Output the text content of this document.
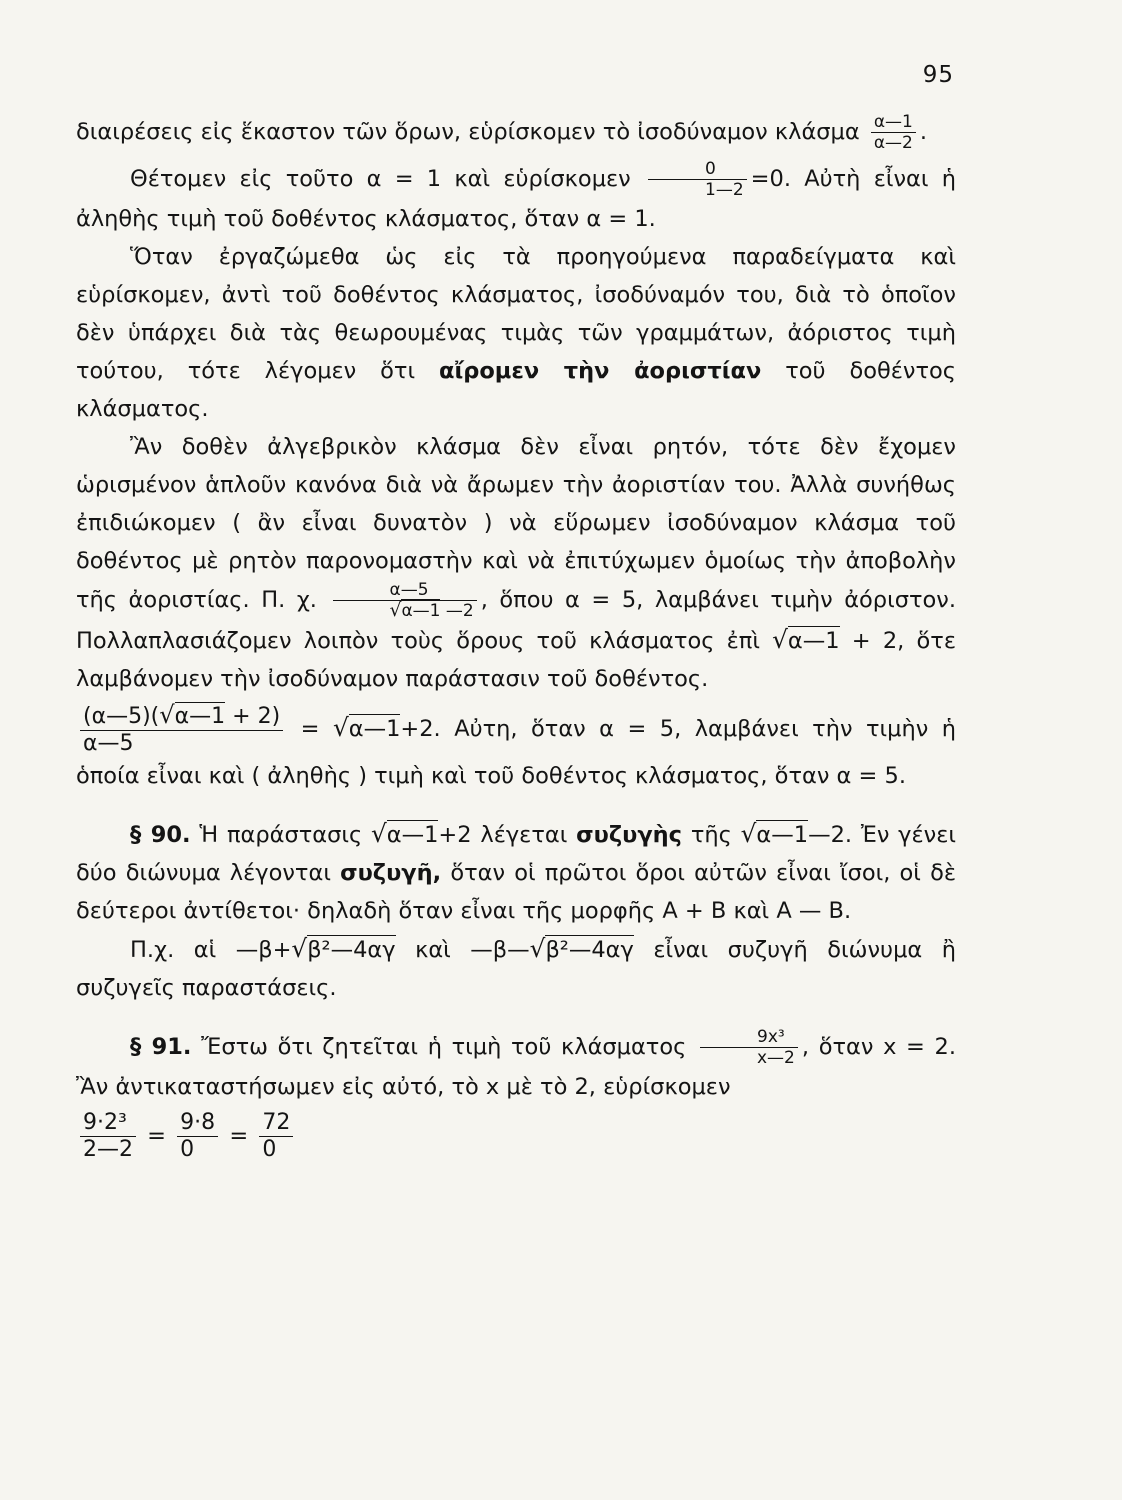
95

διαιρέσεις εἰς ἕκαστον τῶν ὅρων, εὑρίσκομεν τὸ ἰσοδύναμον κλάσμα $\frac{\alpha—1}{\alpha—2}$ .

Θέτομεν εἰς τοῦτο α = 1 καὶ εὑρίσκομεν $\frac{0}{1—2} =0$. Αὐτὴ εἶναι ἡ ἀληθὴς τιμὴ τοῦ δοθέντος κλάσματος, ὅταν α = 1.

Ὅταν ἐργαζώμεθα ὡς εἰς τὰ προηγούμενα παραδείγματα καὶ εὑρίσκομεν, ἀντὶ τοῦ δοθέντος κλάσματος, ἰσοδύναμόν του, διὰ τὸ ὁποῖον δὲν ὑπάρχει διὰ τὰς θεωρουμένας τιμὰς τῶν γραμμάτων, ἀόριστος τιμὴ τούτου, τότε λέγομεν ὅτι αἴρομεν τὴν ἀοριστίαν τοῦ δοθέντος κλάσματος.

Ἂν δοθὲν ἀλγεβρικὸν κλάσμα δὲν εἶναι ρητόν, τότε δὲν ἔχομεν ὡρισμένον ἁπλοῦν κανόνα διὰ νὰ ἄρωμεν τὴν ἀοριστίαν του. Ἀλλὰ συνήθως ἐπιδιώκομεν ( ἂν εἶναι δυνατὸν ) νὰ εὕρωμεν ἰσοδύναμον κλάσμα τοῦ δοθέντος μὲ ρητὸν παρονομαστὴν καὶ νὰ ἐπιτύχωμεν ὁμοίως τὴν ἀποβολὴν τῆς ἀοριστίας. Π. χ. $\frac{\alpha—5}{√\alpha—1 —2}$ , ὅπου α = 5, λαμβάνει τιμὴν ἀόριστον. Πολλαπλασιάζομεν λοιπὸν τοὺς ὅρους τοῦ κλάσματος ἐπὶ √α—1 + 2, ὅτε λαμβάνομεν τὴν ἰσοδύναμον παράστασιν τοῦ δοθέντος.

$\frac{(\alpha—5)(√\alpha—1 + 2)}{\alpha—5}$ = √α—1+2. Αὐτη, ὅταν α = 5, λαμβάνει τὴν τιμὴν ἡ ὁποία εἶναι καὶ ( ἀληθὴς ) τιμὴ καὶ τοῦ δοθέντος κλάσματος, ὅταν α = 5.

§ 90. Ἡ παράστασις √α—1+2 λέγεται συζυγὴς τῆς √α—1—2. Ἐν γένει δύο διώνυμα λέγονται συζυγῆ, ὅταν οἱ πρῶτοι ὅροι αὐτῶν εἶναι ἴσοι, οἱ δὲ δεύτεροι ἀντίθετοι· δηλαδὴ ὅταν εἶναι τῆς μορφῆς Α + Β καὶ Α — Β.

Π.χ. αἱ —β+√β²—4αγ καὶ —β—√β²—4αγ εἶναι συζυγῆ διώνυμα ἢ συζυγεῖς παραστάσεις.

§ 91. Ἔστω ὅτι ζητεῖται ἡ τιμὴ τοῦ κλάσματος $\frac{\text{9x³}}{x—2}$ , ὅταν x = 2. Ἂν ἀντικαταστήσωμεν εἰς αὐτό, τὸ x μὲ τὸ 2, εὑρίσκομεν

$\frac{\text{9·2³}}{2—2} = \frac{9\cdot 8}{0} = \frac{72}{0}$
